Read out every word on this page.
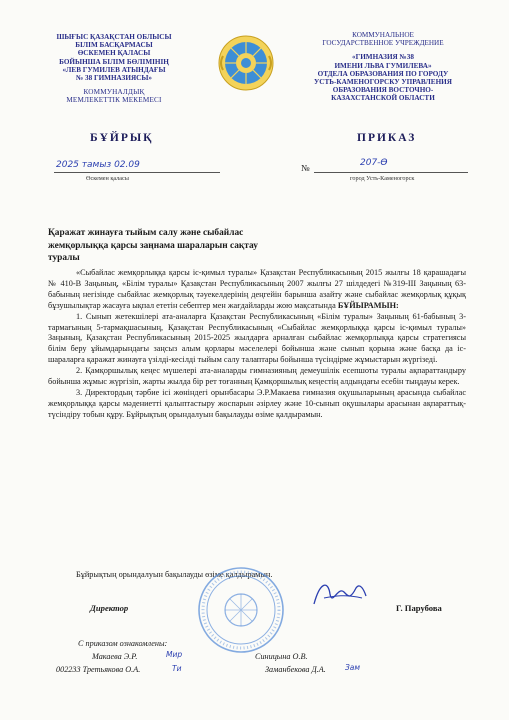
ШЫҒЫС ҚАЗАҚСТАН ОБЛЫСЫ
БІЛІМ БАСҚАРМАСЫ
ӨСКЕМЕН ҚАЛАСЫ
БОЙЫНША БІЛІМ БӨЛІМІНІҢ
«ЛЕВ ГУМИЛЕВ АТЫНДАҒЫ
№ 38 ГИМНАЗИЯСЫ»
КОММУНАЛДЫҚ
МЕМЛЕКЕТТІК МЕКЕМЕСІ
КОММУНАЛЬНОЕ
ГОСУДАРСТВЕННОЕ УЧРЕЖДЕНИЕ
«ГИМНАЗИЯ №38
ИМЕНИ ЛЬВА ГУМИЛЕВА»
ОТДЕЛА ОБРАЗОВАНИЯ ПО ГОРОДУ
УСТЬ-КАМЕНОГОРСКУ УПРАВЛЕНИЯ
ОБРАЗОВАНИЯ ВОСТОЧНО-
КАЗАХСТАНСКОЙ ОБЛАСТИ
БҰЙРЫҚ	ПРИКАЗ
2025 тамыз 02.09
Өскемен қаласы
№	207-Ө
город Усть-Каменогорск
Қаражат жинауға тыйым салу және сыбайлас жемқорлыққа қарсы заңнама шараларын сақтау туралы

«Сыбайлас жемқорлыққа қарсы іс-қимыл туралы» Қазақстан Республикасының 2015 жылғы 18 қарашадағы № 410-В Заңының, «Білім туралы» Қазақстан Республикасының 2007 жылғы 27 шілдедегі №319-III Заңының 63-бабының негізінде сыбайлас жемқорлық тәуекелдерінің деңгейін барынша азайту және сыбайлас жемқорлық құқық бұзушылықтар жасауға ықпал ететін себептер мен жағдайларды жою мақсатында БҰЙЫРАМЫН:

1. Сынып жетекшілері ата-аналарға Қазақстан Республикасының «Білім туралы» Заңының 61-бабының 3-тармағының 5-тармақшасының, Қазақстан Республикасының «Сыбайлас жемқорлыққа қарсы іс-қимыл туралы» Заңының, Қазақстан Республикасының 2015-2025 жылдарға арналған сыбайлас жемқорлыққа қарсы стратегиясы білім беру ұйымдарындағы заңсыз алым қорлары мәселелері бойынша және сынып қорына және басқа да іс-шараларға қаражат жинауға үзілді-кесілді тыйым салу талаптары бойынша түсіндірме жұмыстарын жүргізеді.

2. Қамқоршылық кеңес мүшелері ата-аналарды гимназияның демеушілік есепшоты туралы ақпараттандыру бойынша жұмыс жүргізіп, жарты жылда бір рет тоғанның Қамқоршылық кеңестің алдындағы есебін тыңдауы керек.

3. Директордың тәрбие ісі жөніндегі орынбасары Э.Р.Макаева гимназия оқушыларының арасында сыбайлас жемқорлыққа қарсы мәдениетті қалыптастыру жоспарын әзірлеу және 10-сынып оқушылары арасынан ақпараттық-түсіндіру тобын құру. Бұйрықтың орындалуын бақылауды өзіме қалдырамын.

Бұйрықтың орындалуын бақылауды өзіме қалдырамын.
Директор	Г. Парубова
С приказом ознакомлены:
Макаева Э.Р.
002233 Третьякова О.А.
Синицына О.В.
Заманбекова Д.А.
Мир
Ти	Зам
